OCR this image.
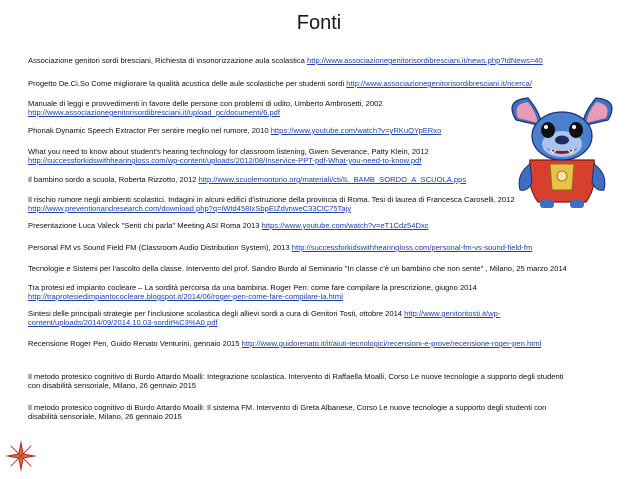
Fonti
Associazione genitori sordi bresciani, Richiesta di insonorizzazione aula scolastica http://www.associazionegenitorisordibresciani.it/news.php?IdNews=40
Progetto De.Ci.So Come migliorare la qualità acustica delle aule scolastiche per studenti sordi http://www.associazionegenitorisordibresciani.it/ricerca/
Manuale di leggi e provvedimenti in favore delle persone con problemi di udito, Umberto Ambrosetti, 2002
http://www.associazionegenitorisordibresciani.it/upload_pc/documenti/6.pdf
Phonak Dynamic Speech Extractor Per sentire meglio nel rumore, 2010 https://www.youtube.com/watch?v=yRKuQYpERxo
What you need to know about student's hearing technology for classroom listening, Gwen Severance, Patty Klein, 2012
http://successforkidswithhearingloss.com/wp-content/uploads/2012/08/Inservice-PPT-pdf-What-you-need-to-know.pdf
Il bambino sordo a scuola, Roberta Rizzotto, 2012 http://www.scuolemontorio.org/materiali/cti/IL_BAMB_SORDO_A_SCUOLA.pps
Il rischio rumore negli ambienti scolastici. Indagini in alcuni edifici d'istruzione della provincia di Roma. Tesi di laurea di Francesca Caroselli, 2012
http://www.preventionandresearch.com/download.php?q=iWtd458IxSbpEIZdvnweC33ClC75Tajy
Presentazione Luca Valeck "Senti chi parla" Meeting ASI Roma 2013 https://www.youtube.com/watch?v=eT1Cdz54Dxc
Personal FM vs Sound Field FM (Classroom Audio Distribution System), 2013 http://successforkidswithhearingloss.com/personal-fm-vs-sound-field-fm
Tecnologie e Sistemi per l'ascolto della classe. Intervento del prof. Sandro Burdo al Seminario "In classe c'è un bambino che non sente" , Milano, 25 marzo 2014
Tra protesi ed impianto cocleare – La sordità percorsa da una bambina. Roger Pen: come fare compilare la prescrizione, giugno 2014
http://traprotesiedimpiantococleare.blogspot.it/2014/06/roger-pen-come-fare-compilare-la.html
Sintesi delle principali strategie per l'inclusione scolastica degli allievi sordi a cura di Genitori Tosti, ottobre 2014 http://www.genitoritosti.it/wp-
content/uploads/2014/09/2014.10.03-sordit%C3%A0.pdf
Recensione Roger Pen, Guido Renato Venturini, gennaio 2015 http://www.guidorenato.it/it/aiuti-tecnologici/recensioni-e-prove/recensione-roger-pen.html
Il metodo protesico cognitivo di Burdo Attardo Moalli: Integrazione scolastica. Intervento di Raffaella Moalli, Corso Le nuove tecnologie a supporto degli studenti
con disabilità sensoriale, Milano, 26 gennaio 2015
Il metodo protesico cognitivo di Burdo Attardo Moalli: Il sistema FM. Intervento di Greta Albanese, Corso Le nuove tecnologie a supporto degli studenti con
disabilità sensoriale, Milano, 26 gennaio 2015
